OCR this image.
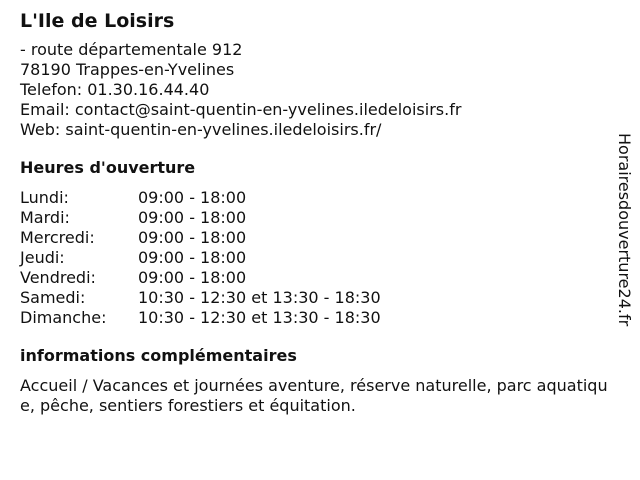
L'Ile de Loisirs
- route départementale 912
78190 Trappes-en-Yvelines
Telefon: 01.30.16.44.40
Email: contact@saint-quentin-en-yvelines.iledeloisirs.fr
Web: saint-quentin-en-yvelines.iledeloisirs.fr/
Heures d'ouverture
Lundi:	09:00 - 18:00
Mardi:	09:00 - 18:00
Mercredi:	09:00 - 18:00
Jeudi:	09:00 - 18:00
Vendredi:	09:00 - 18:00
Samedi:	10:30 - 12:30 et 13:30 - 18:30
Dimanche:	10:30 - 12:30 et 13:30 - 18:30
informations complémentaires
Accueil / Vacances et journées aventure, réserve naturelle, parc aquatique, pêche, sentiers forestiers et équitation.
Horairesdouverture24.fr
